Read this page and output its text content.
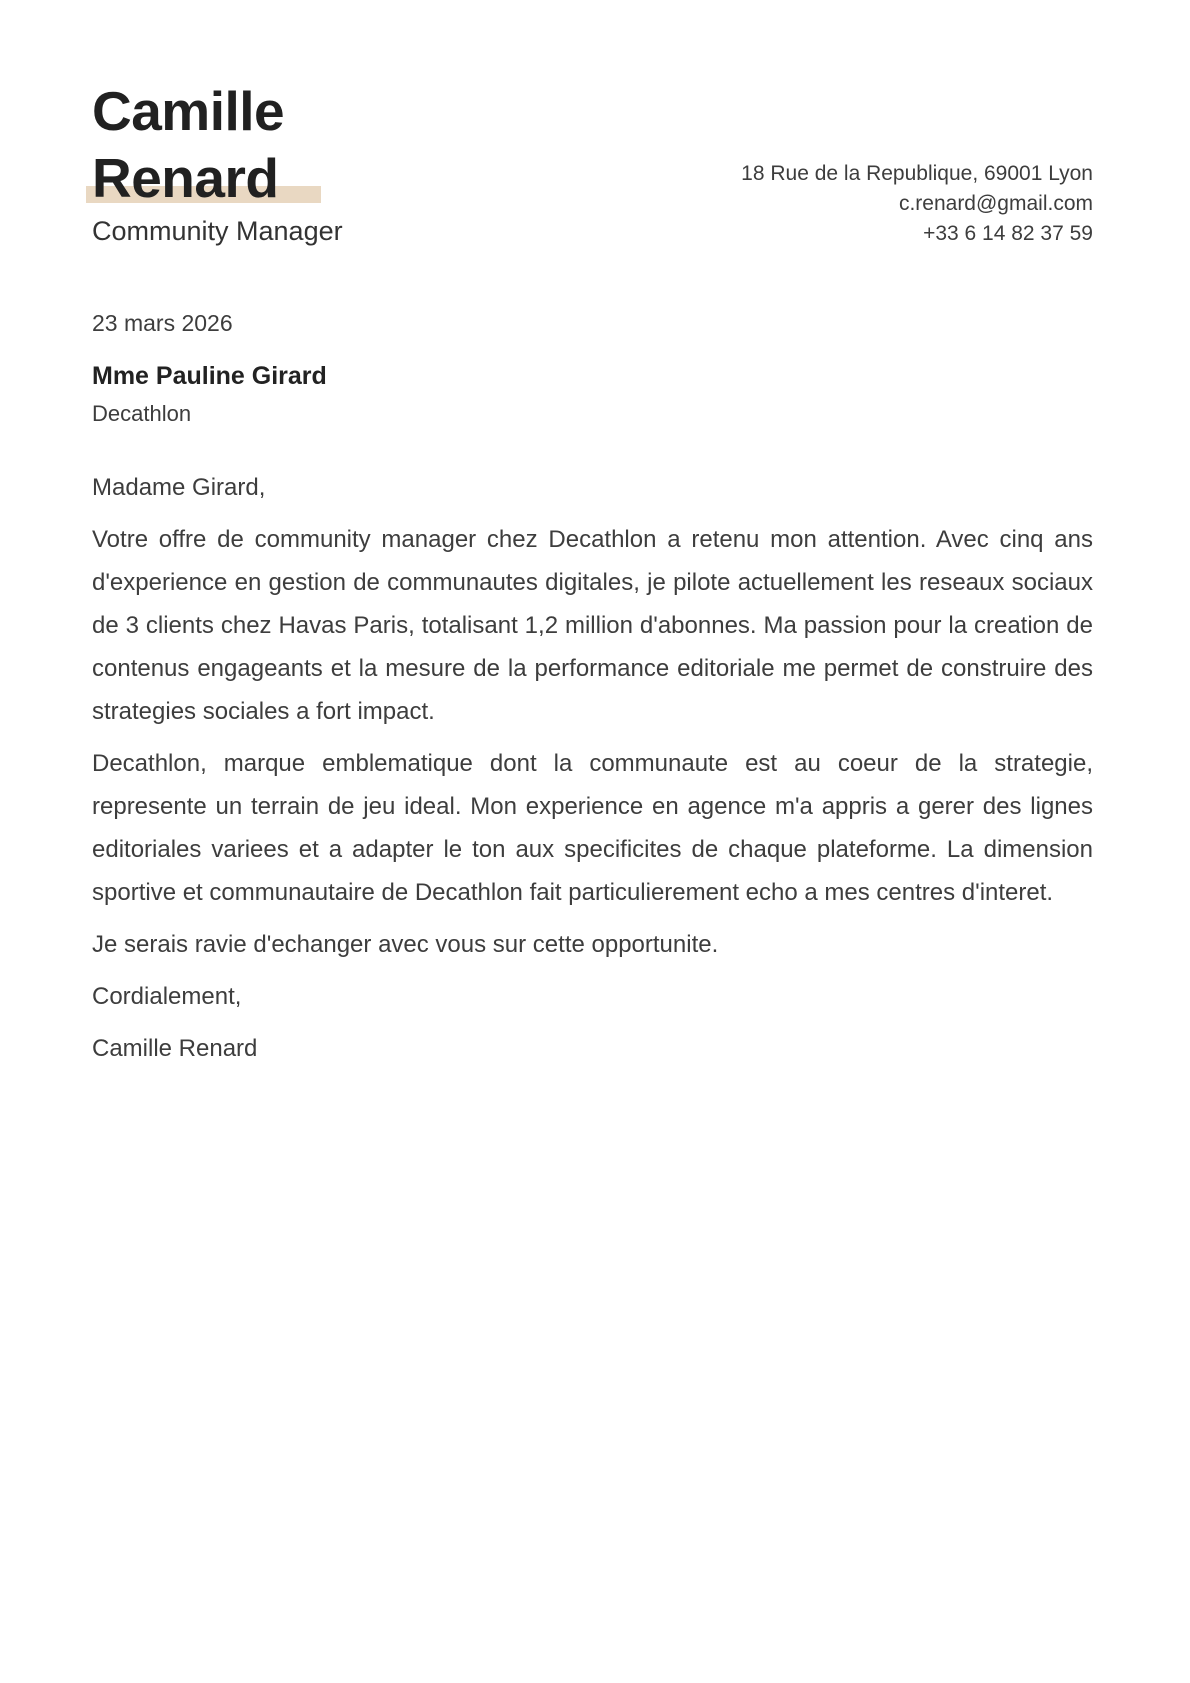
Camille
Renard
Community Manager
18 Rue de la Republique, 69001 Lyon
c.renard@gmail.com
+33 6 14 82 37 59
23 mars 2026
Mme Pauline Girard
Decathlon

Madame Girard,

Votre offre de community manager chez Decathlon a retenu mon attention. Avec cinq ans d'experience en gestion de communautes digitales, je pilote actuellement les reseaux sociaux de 3 clients chez Havas Paris, totalisant 1,2 million d'abonnes. Ma passion pour la creation de contenus engageants et la mesure de la performance editoriale me permet de construire des strategies sociales a fort impact.

Decathlon, marque emblematique dont la communaute est au coeur de la strategie, represente un terrain de jeu ideal. Mon experience en agence m'a appris a gerer des lignes editoriales variees et a adapter le ton aux specificites de chaque plateforme. La dimension sportive et communautaire de Decathlon fait particulierement echo a mes centres d'interet.

Je serais ravie d'echanger avec vous sur cette opportunite.

Cordialement,

Camille Renard
